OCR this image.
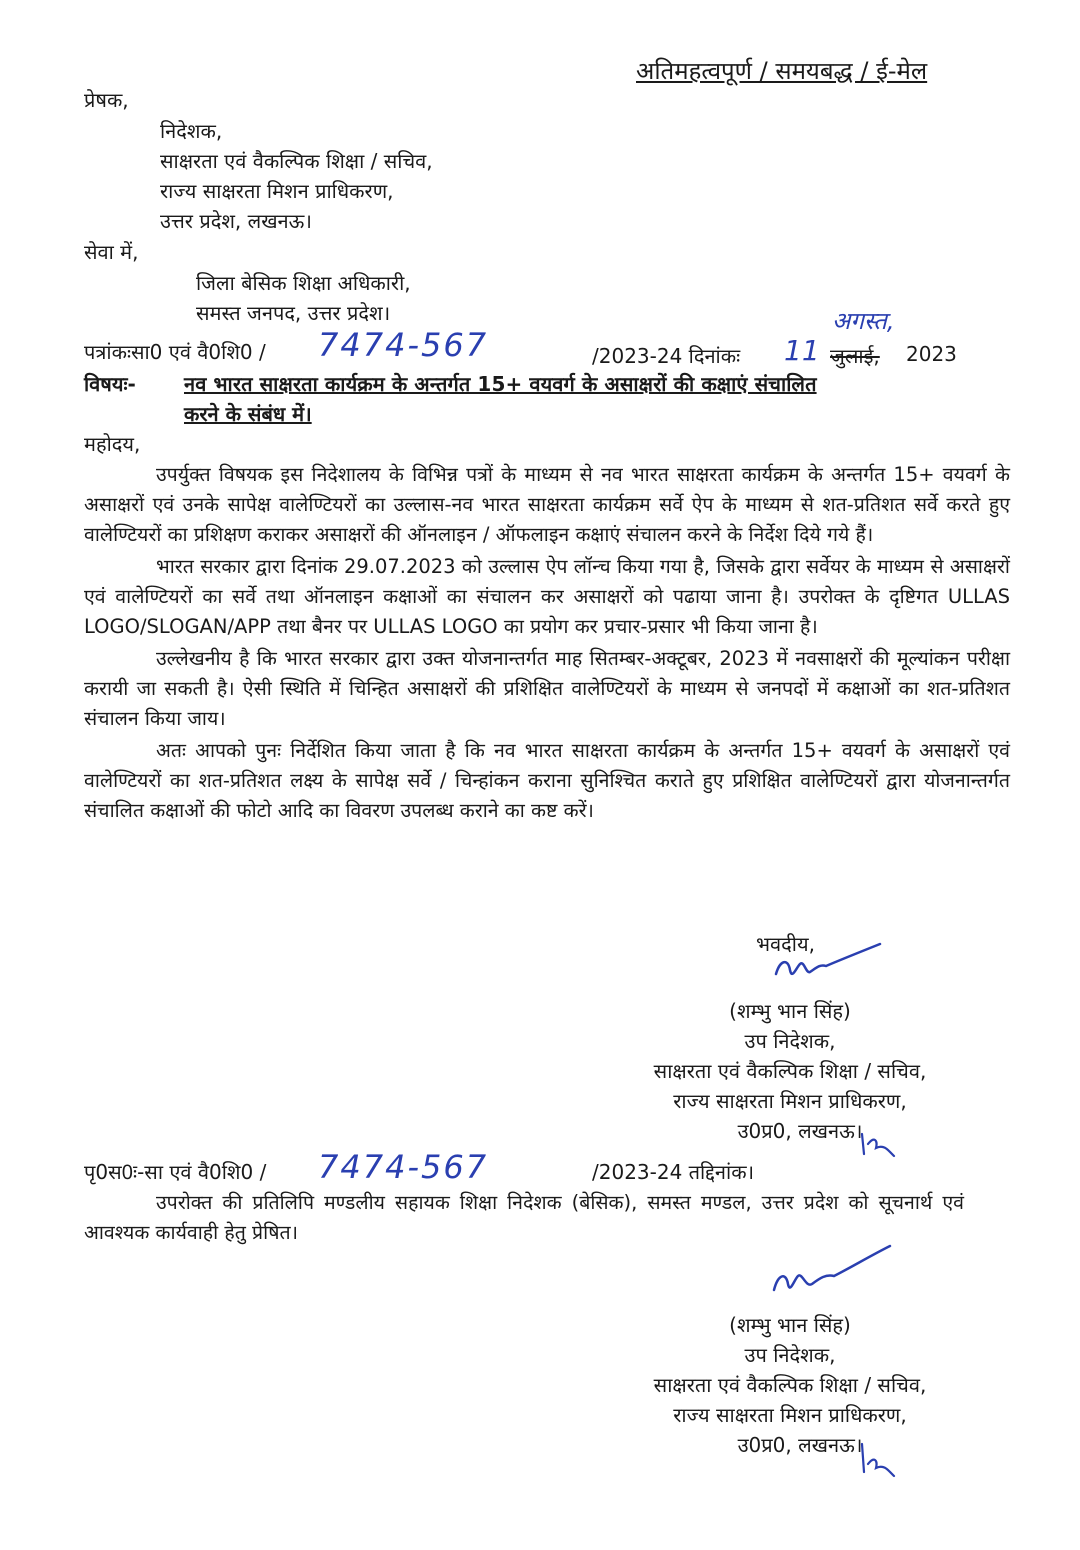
अतिमहत्वपूर्ण / समयबद्ध / ई-मेल
प्रेषक,
निदेशक,
साक्षरता एवं वैकल्पिक शिक्षा / सचिव,
राज्य साक्षरता मिशन प्राधिकरण,
उत्तर प्रदेश, लखनऊ।
सेवा में,
जिला बेसिक शिक्षा अधिकारी,
समस्त जनपद, उत्तर प्रदेश।	अगस्त,
पत्रांकःसा0 एवं वै0शि0 / 7474-567	/2023-24 दिनांकः 11 जुलाई, 2023
विषयः- नव भारत साक्षरता कार्यक्रम के अन्तर्गत 15+ वयवर्ग के असाक्षरों की कक्षाएं संचालित
करने के संबंध में।
महोदय,

उपर्युक्त विषयक इस निदेशालय के विभिन्न पत्रों के माध्यम से नव भारत साक्षरता कार्यक्रम के अन्तर्गत 15+ वयवर्ग के असाक्षरों एवं उनके सापेक्ष वालेण्टियरों का उल्लास-नव भारत साक्षरता कार्यक्रम सर्वे ऐप के माध्यम से शत-प्रतिशत सर्वे करते हुए वालेण्टियरों का प्रशिक्षण कराकर असाक्षरों की ऑनलाइन / ऑफलाइन कक्षाएं संचालन करने के निर्देश दिये गये हैं।

भारत सरकार द्वारा दिनांक 29.07.2023 को उल्लास ऐप लॉन्च किया गया है, जिसके द्वारा सर्वेयर के माध्यम से असाक्षरों एवं वालेण्टियरों का सर्वे तथा ऑनलाइन कक्षाओं का संचालन कर असाक्षरों को पढाया जाना है। उपरोक्त के दृष्टिगत ULLAS LOGO/SLOGAN/APP तथा बैनर पर ULLAS LOGO का प्रयोग कर प्रचार-प्रसार भी किया जाना है।

उल्लेखनीय है कि भारत सरकार द्वारा उक्त योजनान्तर्गत माह सितम्बर-अक्टूबर, 2023 में नवसाक्षरों की मूल्यांकन परीक्षा करायी जा सकती है। ऐसी स्थिति में चिन्हित असाक्षरों की प्रशिक्षित वालेण्टियरों के माध्यम से जनपदों में कक्षाओं का शत-प्रतिशत संचालन किया जाय।

अतः आपको पुनः निर्देशित किया जाता है कि नव भारत साक्षरता कार्यक्रम के अन्तर्गत 15+ वयवर्ग के असाक्षरों एवं वालेण्टियरों का शत-प्रतिशत लक्ष्य के सापेक्ष सर्वे / चिन्हांकन कराना सुनिश्चित कराते हुए प्रशिक्षित वालेण्टियरों द्वारा योजनान्तर्गत संचालित कक्षाओं की फोटो आदि का विवरण उपलब्ध कराने का कष्ट करें।

भवदीय,
(शम्भु भान सिंह)
उप निदेशक,
साक्षरता एवं वैकल्पिक शिक्षा / सचिव,
राज्य साक्षरता मिशन प्राधिकरण,
उ0प्र0, लखनऊ।
पृ0स0ः-सा एवं वै0शि0 / 7474-567	/2023-24 तद्दिनांक।

उपरोक्त की प्रतिलिपि मण्डलीय सहायक शिक्षा निदेशक (बेसिक), समस्त मण्डल, उत्तर प्रदेश को सूचनार्थ एवं आवश्यक कार्यवाही हेतु प्रेषित।

(शम्भु भान सिंह)
उप निदेशक,
साक्षरता एवं वैकल्पिक शिक्षा / सचिव,
राज्य साक्षरता मिशन प्राधिकरण,
उ0प्र0, लखनऊ।
